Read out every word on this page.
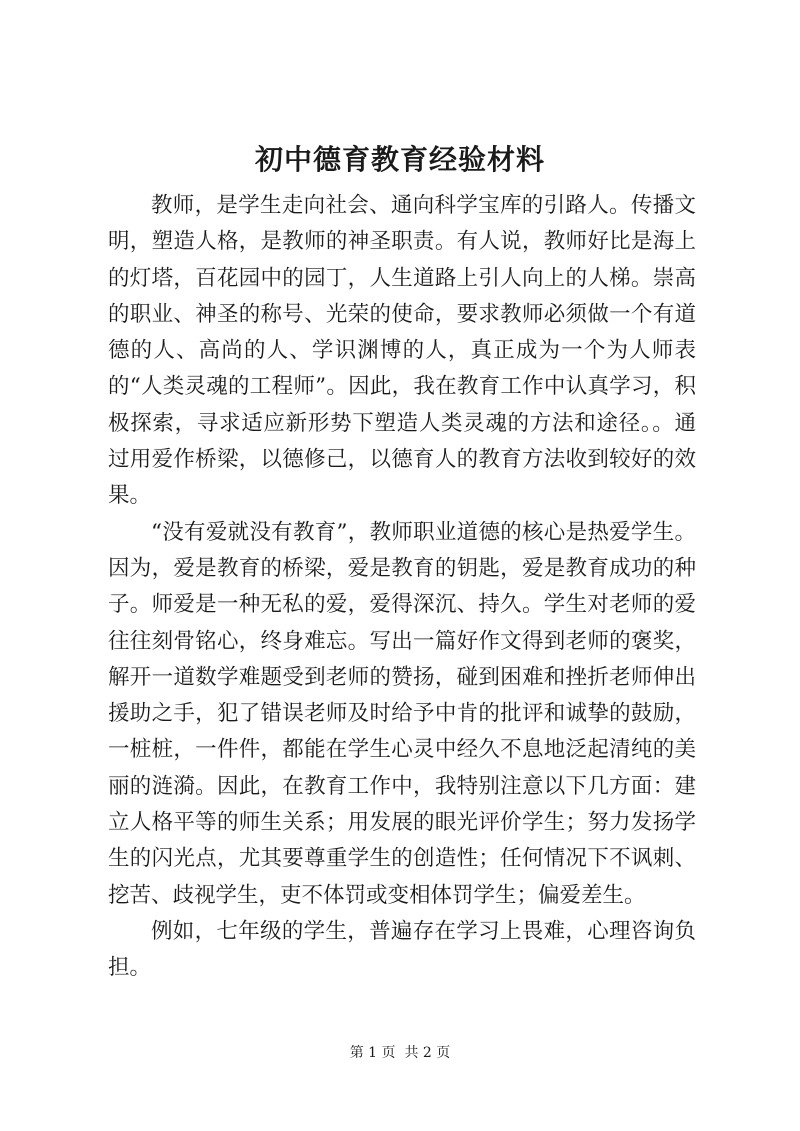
初中德育教育经验材料

教师，是学生走向社会、通向科学宝库的引路人。传播文明，塑造人格，是教师的神圣职责。有人说，教师好比是海上的灯塔，百花园中的园丁，人生道路上引人向上的人梯。崇高的职业、神圣的称号、光荣的使命，要求教师必须做一个有道德的人、高尚的人、学识渊博的人，真正成为一个为人师表的“人类灵魂的工程师”。因此，我在教育工作中认真学习，积极探索，寻求适应新形势下塑造人类灵魂的方法和途径。。通过用爱作桥梁，以德修己，以德育人的教育方法收到较好的效果。

“没有爱就没有教育”，教师职业道德的核心是热爱学生。因为，爱是教育的桥梁，爱是教育的钥匙，爱是教育成功的种子。师爱是一种无私的爱，爱得深沉、持久。学生对老师的爱往往刻骨铭心，终身难忘。写出一篇好作文得到老师的褒奖，解开一道数学难题受到老师的赞扬，碰到困难和挫折老师伸出援助之手，犯了错误老师及时给予中肯的批评和诚挚的鼓励，一桩桩，一件件，都能在学生心灵中经久不息地泛起清纯的美丽的涟漪。因此，在教育工作中，我特别注意以下几方面：建立人格平等的师生关系；用发展的眼光评价学生；努力发扬学生的闪光点，尤其要尊重学生的创造性；任何情况下不讽刺、挖苦、歧视学生，吏不体罚或变相体罚学生；偏爱差生。

例如，七年级的学生，普遍存在学习上畏难，心理咨询负担。

第 1 页  共 2 页
